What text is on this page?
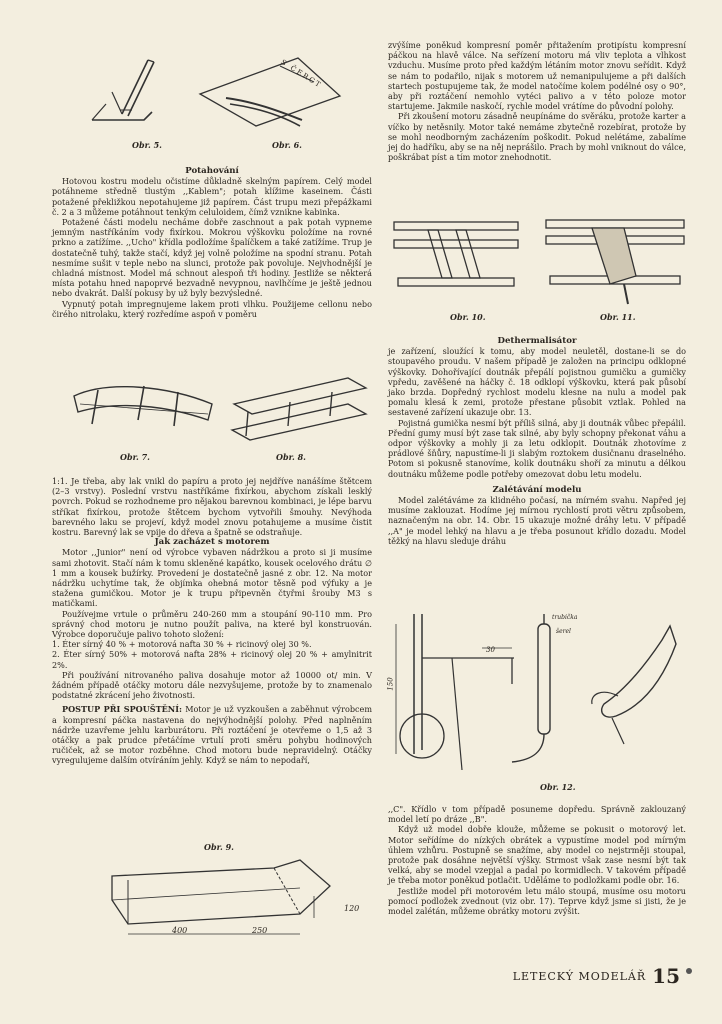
Obr. 5.
S ČERCT
Obr. 6.

Potahování

Hotovou kostru modelu očistíme důkladně skelným papírem. Celý model potáhneme středně tlustým ,,Kablem"; potah klížime kaseinem. Části potažené překližkou nepotahujeme již papírem. Část trupu mezi přepážkami č. 2 a 3 můžeme potáhnout tenkým celuloidem, čímž vznikne kabinka.

Potažené části modelu necháme dobře zaschnout a pak potah vypneme jemným nastříkáním vody fixírkou. Mokrou výškovku položíme na rovné prkno a zatížíme. ,,Ucho" křídla podložíme špalíčkem a také zatížíme. Trup je dostatečně tuhý, takže stačí, když jej volně položíme na spodní stranu. Potah nesmíme sušit v teple nebo na slunci, protože pak povoluje. Nejvhodnější je chladná místnost. Model má schnout alespoň tři hodiny. Jestliže se některá místa potahu hned napoprvé bezvadně nevypnou, navlhčíme je ještě jednou nebo dvakrát. Další pokusy by už byly bezvýsledné.

Vypnutý potah impregnujeme lakem proti vlhku. Použijeme cellonu nebo čirého nitrolaku, který rozředíme aspoň v poměru

Obr. 7.	Obr. 8.

1:1. Je třeba, aby lak vnikl do papíru a proto jej nejdříve nanášíme štětcem (2–3 vrstvy). Poslední vrstvu nastříkáme fixírkou, abychom získali lesklý povrch. Pokud se rozhodneme pro nějakou barevnou kombinaci, je lépe barvu stříkat fixírkou, protože štětcem bychom vytvořili šmouhy. Nevýhoda barevného laku se projeví, když model znovu potahujeme a musíme čistit kostru. Barevný lak se vpije do dřeva a špatně se odstraňuje.

Jak zacházet s motorem

Motor ,,Junior" není od výrobce vybaven nádržkou a proto si ji musíme sami zhotovit. Stačí nám k tomu skleněné kapátko, kousek ocelového drátu ∅ 1 mm a kousek bužírky. Provedení je dostatečně jasné z obr. 12. Na motor nádržku uchytíme tak, že objímka ohebná motor těsně pod výfuky a je stažena gumičkou. Motor je k trupu připevněn čtyřmi šrouby M3 s matičkami.

Používejme vrtule o průměru 240-260 mm a stoupání 90-110 mm. Pro správný chod motoru je nutno použít paliva, na které byl konstruován. Výrobce doporučuje palivo tohoto složení:

1. Éter sírný 40 % + motorová nafta 30 % + ricinový olej 30 %.

2. Éter sírný 50% + motorová nafta 28% + ricinový olej 20 % + amylnitrit 2%.

Při používání nitrovaného paliva dosahuje motor až 10000 ot/ min. V žádném případě otáčky motoru dále nezvyšujeme, protože by to znamenalo podstatné zkrácení jeho životnosti.

POSTUP PŘI SPOUŠTĚNÍ: Motor je už vyzkoušen a zaběhnut výrobcem a kompresní páčka nastavena do nejvýhodnější polohy. Před naplněním nádrže uzavřeme jehlu karburátoru. Při roztáčení je otevřeme o 1,5 až 3 otáčky a pak prudce přetáčíme vrtulí proti směru pohybu hodinových ručiček, až se motor rozběhne. Chod motoru bude nepravidelný. Otáčky vyregulujeme dalším otvíráním jehly. Když se nám to nepodaří,

Obr. 9.
400	250
120

zvýšíme poněkud kompresní poměr přitažením protipístu kompresní páčkou na hlavě válce. Na seřízení motoru má vliv teplota a vlhkost vzduchu. Musíme proto před každým létáním motor znovu seřídit. Když se nám to podařilo, nijak s motorem už nemanipulujeme a při dalších startech postupujeme tak, že model natočíme kolem podélné osy o 90°, aby při roztáčení nemohlo vytéci palivo a v této poloze motor startujeme. Jakmile naskočí, rychle model vrátíme do původní polohy.

Při zkoušení motoru zásadně neupínáme do svěráku, protože karter a víčko by netěsnily. Motor také nemáme zbytečně rozebírat, protože by se mohl neodborným zacházením poškodit. Pokud nelétáme, zabalíme jej do hadříku, aby se na něj neprášilo. Prach by mohl vniknout do válce, poškrábat píst a tím motor znehodnotit.

Obr. 10.	Obr. 11.

Dethermalisátor

je zařízení, sloužící k tomu, aby model neuletěl, dostane-li se do stoupavého proudu. V našem případě je založen na principu odklopné výškovky. Dohořívající doutnák přepálí pojistnou gumičku a gumičky vpředu, zavěšené na háčky č. 18 odklopí výškovku, která pak působí jako brzda. Dopředný rychlost modelu klesne na nulu a model pak pomalu klesá k zemi, protože přestane působit vztlak. Pohled na sestavené zařízení ukazuje obr. 13.

Pojistná gumička nesmí být příliš silná, aby ji doutnák vůbec přepálil. Přední gumy musí být zase tak silné, aby byly schopny překonat váhu a odpor výškovky a mohly ji za letu odklopit. Doutnák zhotovíme z prádlové šňůry, napustíme-li ji slabým roztokem dusičnanu draselného. Potom si pokusně stanovíme, kolik doutnáku shoří za minutu a délkou doutnáku můžeme podle potřeby omezovat dobu letu modelu.

Zalétávání modelu

Model zalétáváme za klidného počasí, na mírném svahu. Napřed jej musíme zaklouzat. Hodíme jej mírnou rychlostí proti větru způsobem, naznačeným na obr. 14. Obr. 15 ukazuje možné dráhy letu. V případě ,,A" je model lehký na hlavu a je třeba posunout křídlo dozadu. Model těžký na hlavu sleduje dráhu

trubička
šerel
30
150
Obr. 12.

,,C". Křídlo v tom případě posuneme dopředu. Správně zaklouzaný model letí po dráze ,,B".

Když už model dobře klouže, můžeme se pokusit o motorový let. Motor seřídíme do nízkých obrátek a vypustíme model pod mírným úhlem vzhůru. Postupně se snažíme, aby model co nejstrměji stoupal, protože pak dosáhne největší výšky. Strmost však zase nesmí být tak velká, aby se model vzepjal a padal po kormidlech. V takovém případě je třeba motor poněkud potlačit. Udělámе to podložkami podle obr. 16.

Jestliže model při motorovém letu málo stoupá, musíme osu motoru pomocí podložek zvednout (viz obr. 17). Teprve když jsme si jisti, že je model zalétán, můžeme obrátky motoru zvýšit.

LETECKÝ MODELÁŘ 15
